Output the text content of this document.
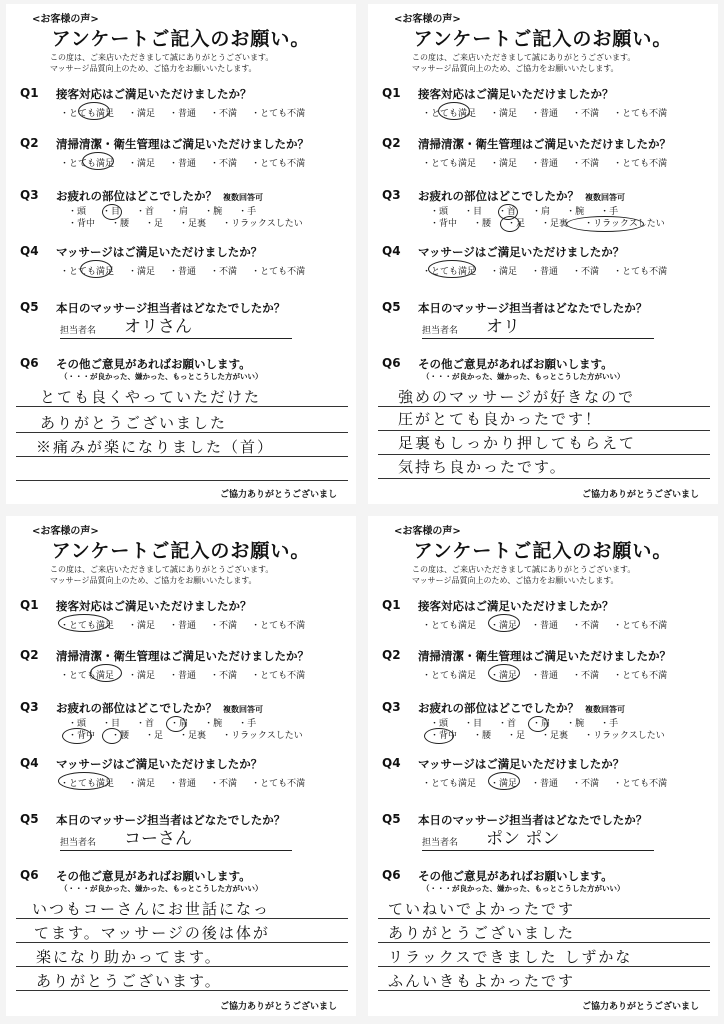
<お客様の声>
アンケートご記入のお願い。
この度は、ご来店いただきまして誠にありがとうございます。
マッサージ品質向上のため、ご協力をお願いいたします。
Q1 接客対応はご満足いただけましたか？
・とても満足 ・満足 ・普通 ・不満 ・とても不満
Q2 清掃清潔・衛生管理はご満足いただけましたか？
・とても満足 ・満足 ・普通 ・不満 ・とても不満
Q3 お疲れの部位はどこでしたか？ 複数回答可
・頭 ・目 ・首 ・肩 ・腕 ・手
・背中 ・腰 ・足 ・足裏 ・リラックスしたい
Q4 マッサージはご満足いただけましたか？
・とても満足 ・満足 ・普通 ・不満 ・とても不満
Q5 本日のマッサージ担当者はどなたでしたか？
担当者名 オリさん
Q6 その他ご意見があればお願いします。
（・・・が良かった、嫌かった、もっとこうした方がいい）
とても良くやっていただけた
ありがとうございました
※痛みが楽になりました（首）
ご協力ありがとうございまし
<お客様の声>
アンケートご記入のお願い。
この度は、ご来店いただきまして誠にありがとうございます。
マッサージ品質向上のため、ご協力をお願いいたします。
Q1 接客対応はご満足いただけましたか？
・とても満足 ・満足 ・普通 ・不満 ・とても不満
Q2 清掃清潔・衛生管理はご満足いただけましたか？
・とても満足 ・満足 ・普通 ・不満 ・とても不満
Q3 お疲れの部位はどこでしたか？ 複数回答可
・頭 ・目 ・首 ・肩 ・腕 ・手
・背中 ・腰 ・足 ・足裏 ・リラックスしたい
Q4 マッサージはご満足いただけましたか？
・とても満足 ・満足 ・普通 ・不満 ・とても不満
Q5 本日のマッサージ担当者はどなたでしたか？
担当者名 オリ
Q6 その他ご意見があればお願いします。
（・・・が良かった、嫌かった、もっとこうした方がいい）
強めのマッサージが好きなので
圧がとても良かったです！
足裏もしっかり押してもらえて
気持ち良かったです。
ご協力ありがとうございまし
<お客様の声>
アンケートご記入のお願い。
この度は、ご来店いただきまして誠にありがとうございます。
マッサージ品質向上のため、ご協力をお願いいたします。
Q1 接客対応はご満足いただけましたか？
・とても満足 ・満足 ・普通 ・不満 ・とても不満
Q2 清掃清潔・衛生管理はご満足いただけましたか？
・とても満足 ・満足 ・普通 ・不満 ・とても不満
Q3 お疲れの部位はどこでしたか？ 複数回答可
・頭 ・目 ・首 ・肩 ・腕 ・手
・背中 ・腰 ・足 ・足裏 ・リラックスしたい
Q4 マッサージはご満足いただけましたか？
・とても満足 ・満足 ・普通 ・不満 ・とても不満
Q5 本日のマッサージ担当者はどなたでしたか？
担当者名 コーさん
Q6 その他ご意見があればお願いします。
（・・・が良かった、嫌かった、もっとこうした方がいい）
いつもコーさんにお世話になっ
てます。マッサージの後は体が
楽になり助かってます。
ありがとうございます。
ご協力ありがとうございまし
<お客様の声>
アンケートご記入のお願い。
この度は、ご来店いただきまして誠にありがとうございます。
マッサージ品質向上のため、ご協力をお願いいたします。
Q1 接客対応はご満足いただけましたか？
・とても満足 ・満足 ・普通 ・不満 ・とても不満
Q2 清掃清潔・衛生管理はご満足いただけましたか？
・とても満足 ・満足 ・普通 ・不満 ・とても不満
Q3 お疲れの部位はどこでしたか？ 複数回答可
・頭 ・目 ・首 ・肩 ・腕 ・手
・背中 ・腰 ・足 ・足裏 ・リラックスしたい
Q4 マッサージはご満足いただけましたか？
・とても満足 ・満足 ・普通 ・不満 ・とても不満
Q5 本日のマッサージ担当者はどなたでしたか？
担当者名 ポン ポン
Q6 その他ご意見があればお願いします。
（・・・が良かった、嫌かった、もっとこうした方がいい）
ていねいでよかったです
ありがとうございました
リラックスできました しずかな
ふんいきもよかったです
ご協力ありがとうございまし
